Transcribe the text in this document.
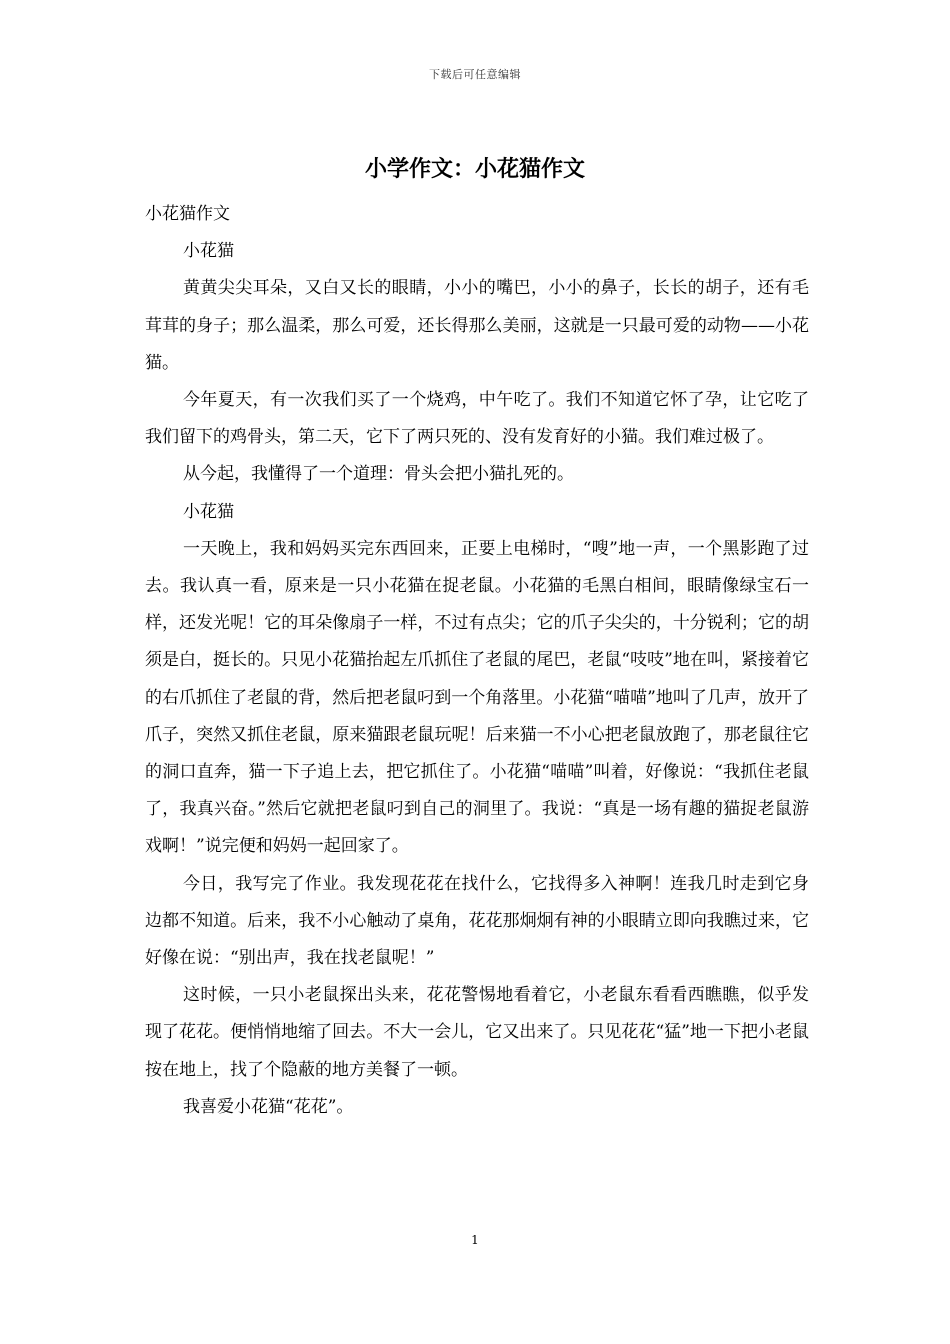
下载后可任意编辑
小学作文：小花猫作文

小花猫作文

小花猫

黄黄尖尖耳朵，又白又长的眼睛，小小的嘴巴，小小的鼻子，长长的胡子，还有毛茸茸的身子；那么温柔，那么可爱，还长得那么美丽，这就是一只最可爱的动物——小花猫。

今年夏天，有一次我们买了一个烧鸡，中午吃了。我们不知道它怀了孕，让它吃了我们留下的鸡骨头，第二天，它下了两只死的、没有发育好的小猫。我们难过极了。

从今起，我懂得了一个道理：骨头会把小猫扎死的。

小花猫

一天晚上，我和妈妈买完东西回来，正要上电梯时，“嗖”地一声，一个黑影跑了过去。我认真一看，原来是一只小花猫在捉老鼠。小花猫的毛黑白相间，眼睛像绿宝石一样，还发光呢！它的耳朵像扇子一样，不过有点尖；它的爪子尖尖的，十分锐利；它的胡须是白，挺长的。只见小花猫抬起左爪抓住了老鼠的尾巴，老鼠“吱吱”地在叫，紧接着它的右爪抓住了老鼠的背，然后把老鼠叼到一个角落里。小花猫“喵喵”地叫了几声，放开了爪子，突然又抓住老鼠，原来猫跟老鼠玩呢！后来猫一不小心把老鼠放跑了，那老鼠往它的洞口直奔，猫一下子追上去，把它抓住了。小花猫“喵喵”叫着，好像说：“我抓住老鼠了，我真兴奋。”然后它就把老鼠叼到自己的洞里了。我说：“真是一场有趣的猫捉老鼠游戏啊！”说完便和妈妈一起回家了。

今日，我写完了作业。我发现花花在找什么，它找得多入神啊！连我几时走到它身边都不知道。后来，我不小心触动了桌角，花花那炯炯有神的小眼睛立即向我瞧过来，它好像在说：“别出声，我在找老鼠呢！”

这时候，一只小老鼠探出头来，花花警惕地看着它，小老鼠东看看西瞧瞧，似乎发现了花花。便悄悄地缩了回去。不大一会儿，它又出来了。只见花花“猛”地一下把小老鼠按在地上，找了个隐蔽的地方美餐了一顿。

我喜爱小花猫“花花”。

1
